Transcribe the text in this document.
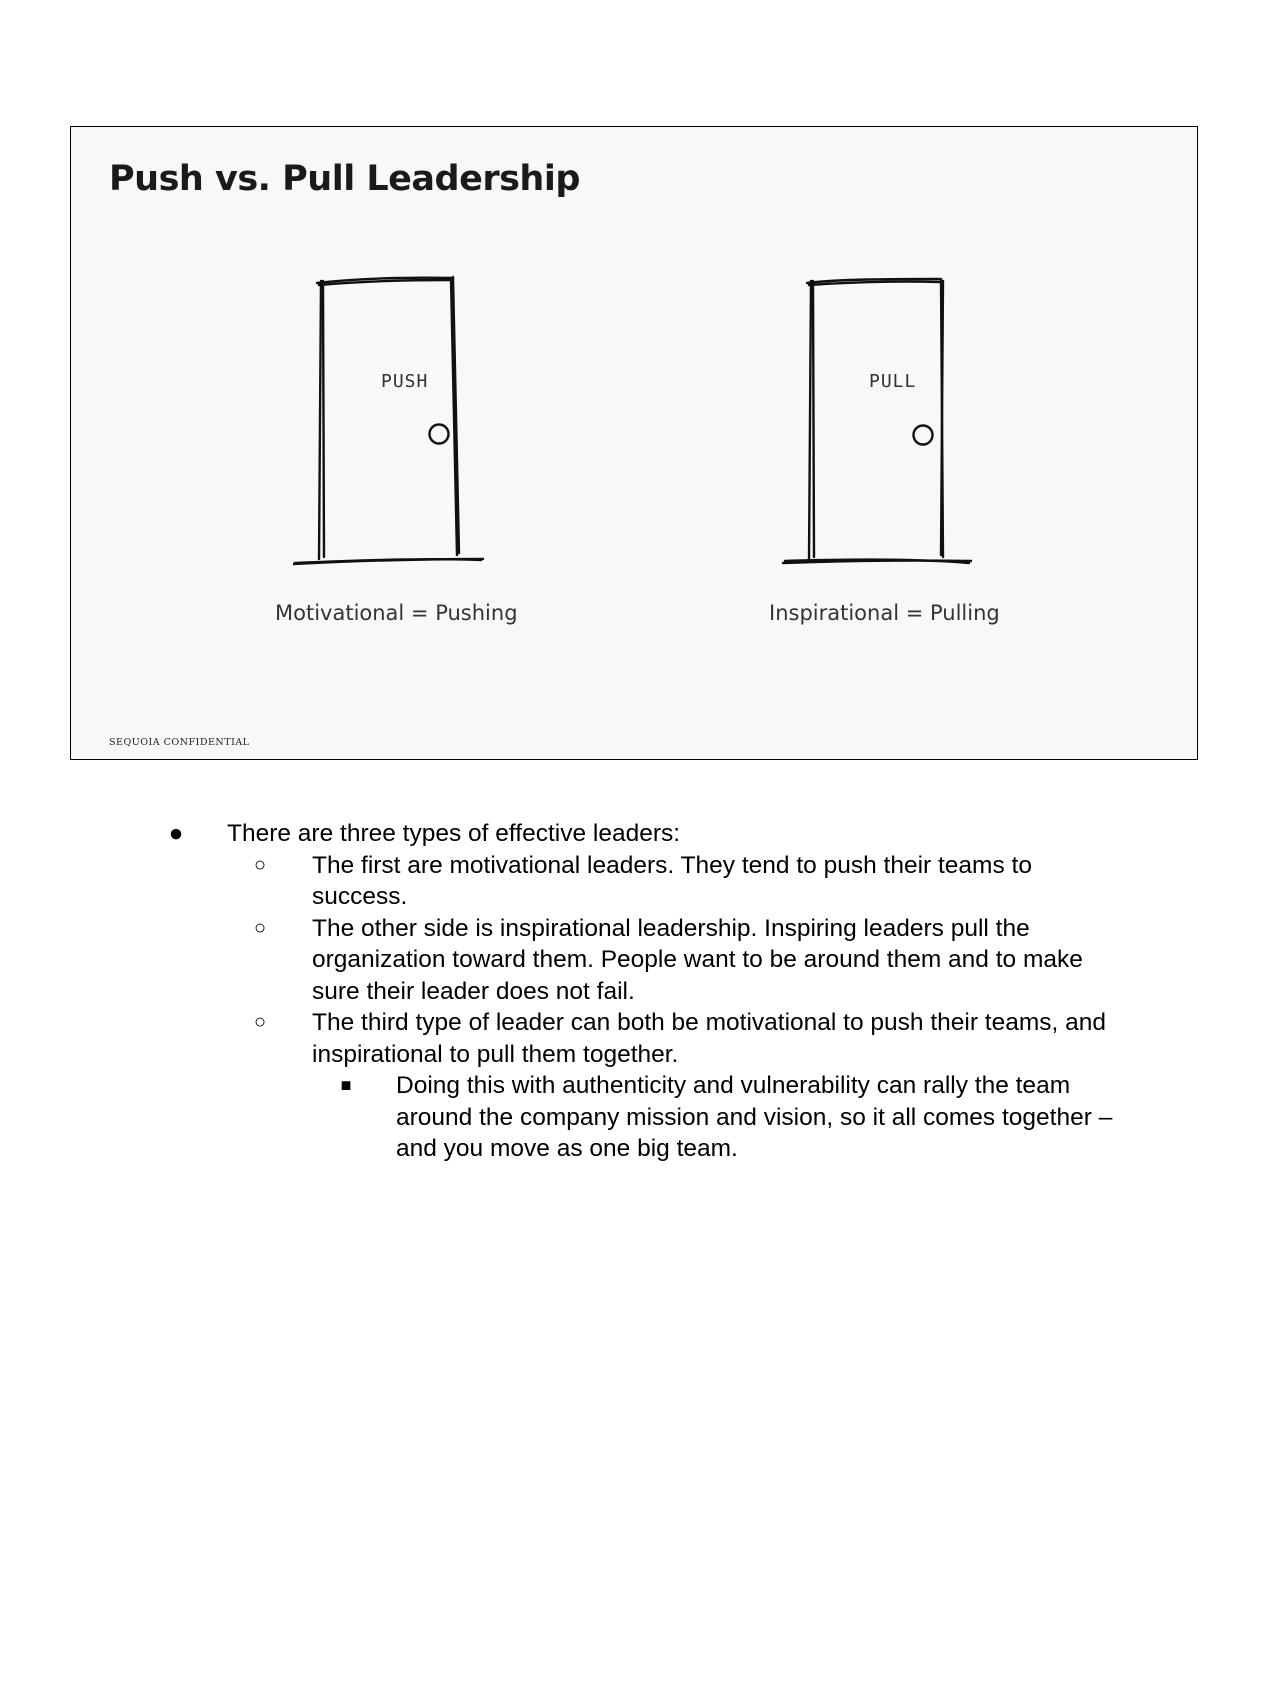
Push vs. Pull Leadership
PUSH	PULL
Motivational = Pushing	Inspirational = Pulling
SEQUOIA CONFIDENTIAL
● There are three types of effective leaders:
○ The first are motivational leaders. They tend to push their teams to success.
○ The other side is inspirational leadership. Inspiring leaders pull the organization toward them. People want to be around them and to make sure their leader does not fail.
○ The third type of leader can both be motivational to push their teams, and inspirational to pull them together.
■ Doing this with authenticity and vulnerability can rally the team around the company mission and vision, so it all comes together – and you move as one big team.
